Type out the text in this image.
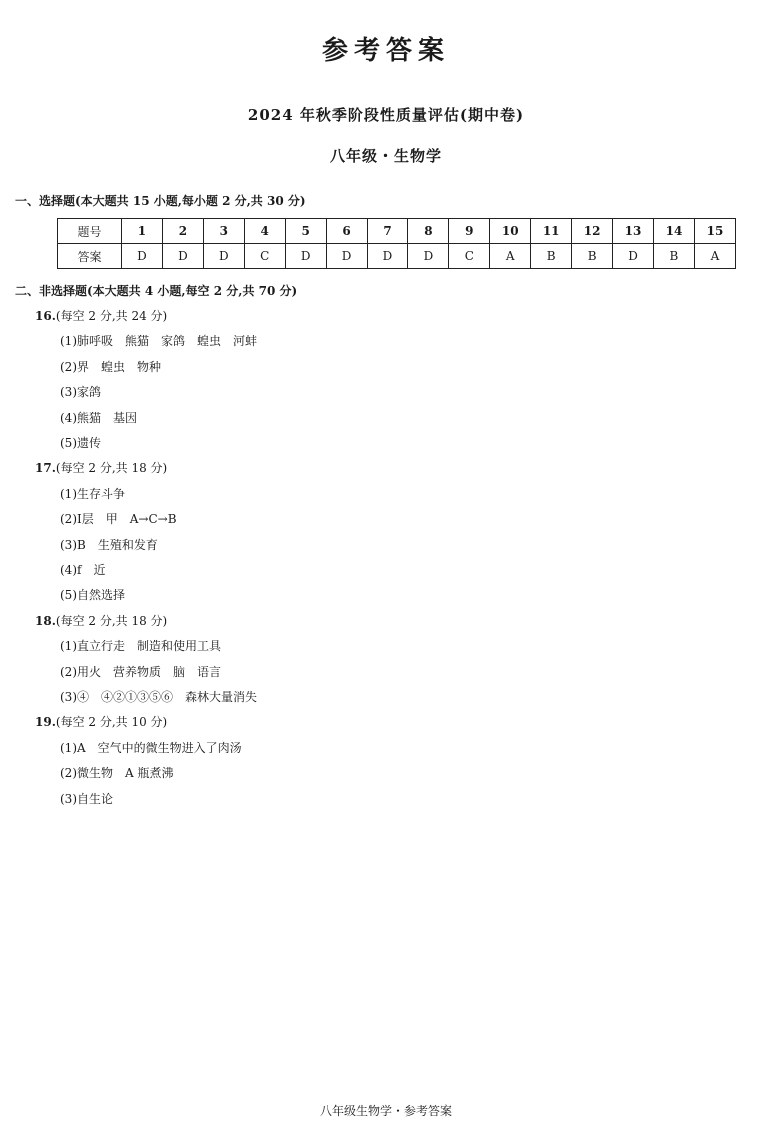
参考答案
2024 年秋季阶段性质量评估(期中卷)
八年级・生物学
一、选择题(本大题共 15 小题,每小题 2 分,共 30 分)
题号	1	2	3	4	5	6	7	8	9	10	11	12	13	14	15
答案	D	D	D	C	D	D	D	D	C	A	B	B	D	B	A
二、非选择题(本大题共 4 小题,每空 2 分,共 70 分)
16.(每空 2 分,共 24 分)
(1)肺呼吸　熊猫　家鸽　蝗虫　河蚌
(2)界　蝗虫　物种
(3)家鸽
(4)熊猫　基因
(5)遗传
17.(每空 2 分,共 18 分)
(1)生存斗争
(2)Ⅰ层　甲　A→C→B
(3)B　生殖和发育
(4)f　近
(5)自然选择
18.(每空 2 分,共 18 分)
(1)直立行走　制造和使用工具
(2)用火　营养物质　脑　语言
(3)④　④②①③⑤⑥　森林大量消失
19.(每空 2 分,共 10 分)
(1)A　空气中的微生物进入了肉汤
(2)微生物　A 瓶煮沸
(3)自生论
八年级生物学・参考答案
